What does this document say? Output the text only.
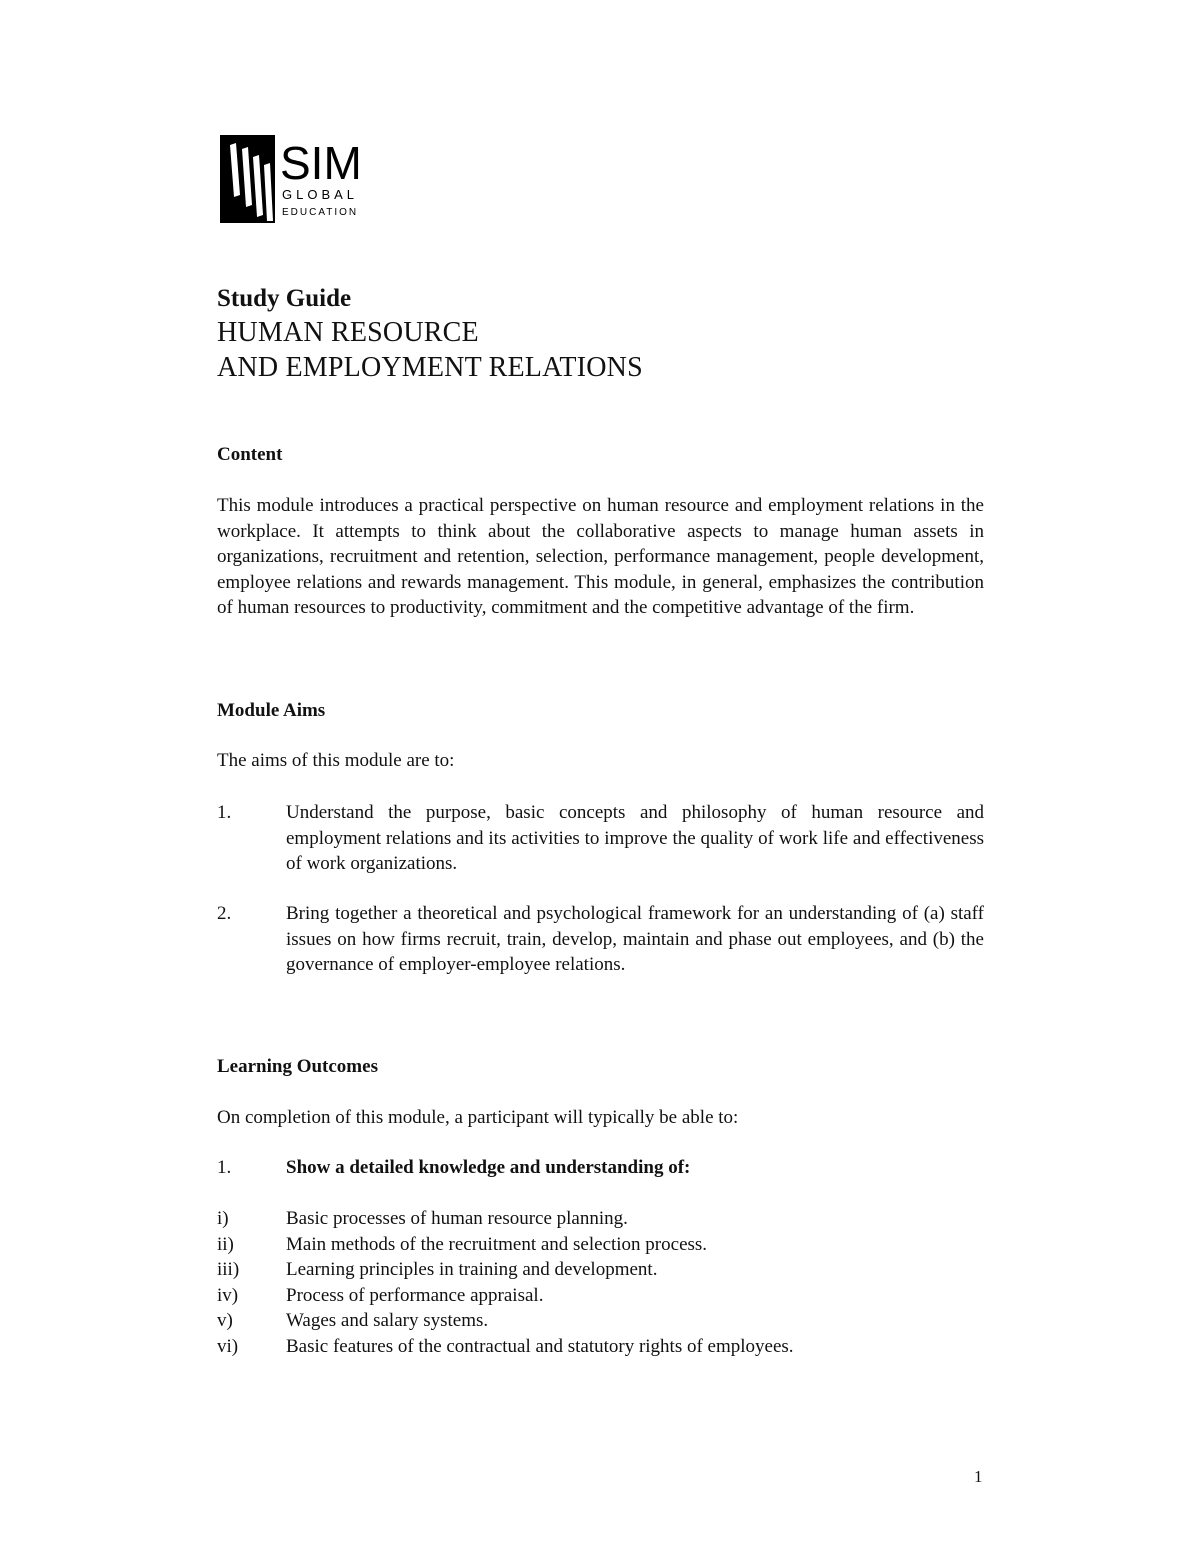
SIM
GLOBAL
EDUCATION

Study Guide

HUMAN RESOURCE

AND EMPLOYMENT RELATIONS

Content

This module introduces a practical perspective on human resource and employment relations in the workplace. It attempts to think about the collaborative aspects to manage human assets in organizations, recruitment and retention, selection, performance management, people development, employee relations and rewards management. This module, in general, emphasizes the contribution of human resources to productivity, commitment and the competitive advantage of the firm.

Module Aims

The aims of this module are to:

1.	Understand the purpose, basic concepts and philosophy of human resource and employment relations and its activities to improve the quality of work life and effectiveness of work organizations.
2.	Bring together a theoretical and psychological framework for an understanding of (a) staff issues on how firms recruit, train, develop, maintain and phase out employees, and (b) the governance of employer-employee relations.

Learning Outcomes

On completion of this module, a participant will typically be able to:

1.	Show a detailed knowledge and understanding of:
i)	Basic processes of human resource planning.
ii)	Main methods of the recruitment and selection process.
iii) Learning principles in training and development.
iv)	Process of performance appraisal.
v)	Wages and salary systems.
vi)	Basic features of the contractual and statutory rights of employees.
1
